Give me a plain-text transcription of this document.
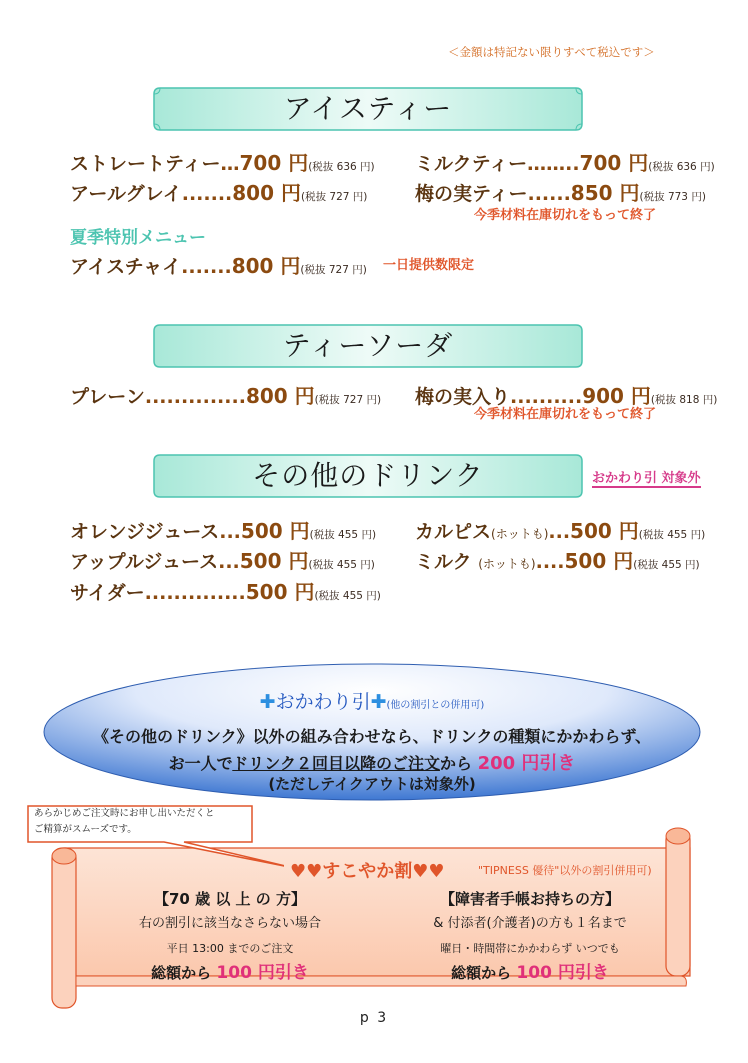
＜金額は特記ない限りすべて税込です＞
アイスティー
ストレートティー…700 円(税抜 636 円) ミルクティー……..700 円(税抜 636 円)
アールグレイ.......800 円(税抜 727 円)	梅の実ティー......850 円(税抜 773 円)
今季材料在庫切れをもって終了
夏季特別メニュー
アイスチャイ.......800 円(税抜 727 円) 一日提供数限定
ティーソーダ
プレーン..............800 円(税抜 727 円) 梅の実入り..........900 円(税抜 818 円)
今季材料在庫切れをもって終了
その他のドリンク	おかわり引 対象外
オレンジジュース...500 円(税抜 455 円) カルピス(ホットも)...500 円(税抜 455 円)
アップルジュース...500 円(税抜 455 円) ミルク (ホットも)....500 円(税抜 455 円)
サイダー..............500 円(税抜 455 円)
✚おかわり引✚(他の割引との併用可)
《その他のドリンク》以外の組み合わせなら、ドリンクの種類にかかわらず、
お一人でドリンク２回目以降のご注文から 200 円引き
(ただしテイクアウトは対象外)
あらかじめご注文時にお申し出いただくと
ご精算がスムーズです。
♥♥すこやか割♥♥	"TIPNESS 優待"以外の割引併用可)
【70 歳 以 上 の 方】
右の割引に該当なさらない場合
平日 13:00 までのご注文
総額から 100 円引き
【障害者手帳お持ちの方】
& 付添者(介護者)の方も１名まで
曜日・時間帯にかかわらず いつでも
総額から 100 円引き
p 3
